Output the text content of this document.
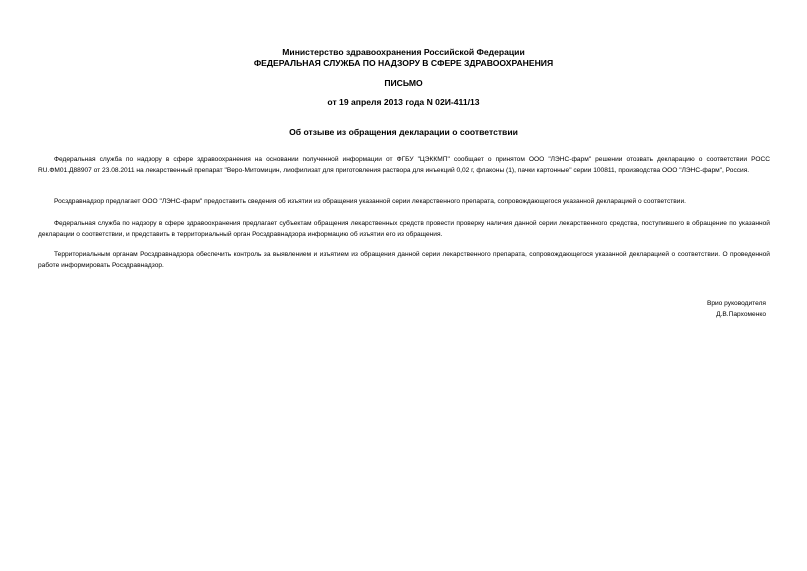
Министерство здравоохранения Российской Федерации
ФЕДЕРАЛЬНАЯ СЛУЖБА ПО НАДЗОРУ В СФЕРЕ ЗДРАВООХРАНЕНИЯ
ПИСЬМО
от 19 апреля 2013 года N 02И-411/13
Об отзыве из обращения декларации о соответствии

Федеральная служба по надзору в сфере здравоохранения на основании полученной информации от ФГБУ "ЦЭККМП" сообщает о принятом ООО "ЛЭНС-фарм" решении отозвать декларацию о соответствии РОСС RU.ФМ01.Д88907 от 23.08.2011 на лекарственный препарат "Веро-Митомицин, лиофилизат для приготовления раствора для инъекций 0,02 г, флаконы (1), пачки картонные" серии 100811, производства ООО "ЛЭНС-фарм", Россия.

Росздравнадзор предлагает ООО "ЛЭНС-фарм" предоставить сведения об изъятии из обращения указанной серии лекарственного препарата, сопровождающегося указанной декларацией о соответствии.

Федеральная служба по надзору в сфере здравоохранения предлагает субъектам обращения лекарственных средств провести проверку наличия данной серии лекарственного средства, поступившего в обращение по указанной декларации о соответствии, и представить в территориальный орган Росздравнадзора информацию об изъятии его из обращения.

Территориальным органам Росздравнадзора обеспечить контроль за выявлением и изъятием из обращения данной серии лекарственного препарата, сопровождающегося указанной декларацией о соответствии. О проведенной работе информировать Росздравнадзор.

Врио руководителя
Д.В.Пархоменко
